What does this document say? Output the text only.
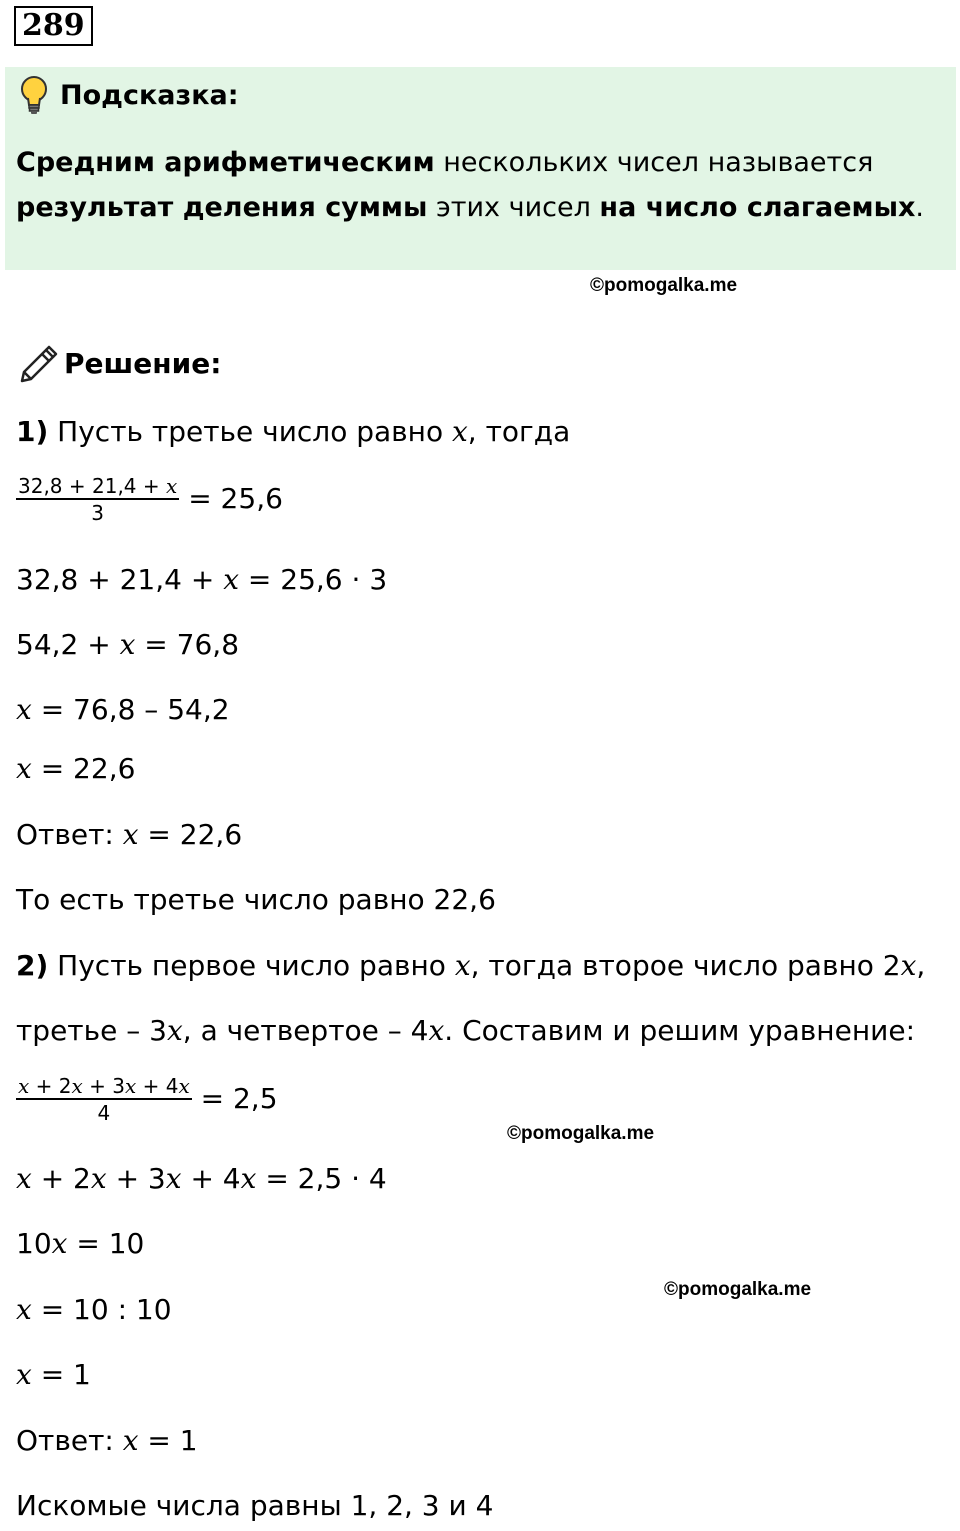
289
Подсказка:
Средним арифметическим нескольких чисел называется
результат деления суммы этих чисел на число слагаемых.
©pomogalka.me
©pomogalka.me
©pomogalka.me
Решение:
1) Пусть третье число равно 𝑥, тогда
$\frac{\text{32,8 + 21,4 + 𝑥}}{3} = 25,6$
32,8 + 21,4 + 𝑥 = 25,6 · 3
54,2 + 𝑥 = 76,8
𝑥 = 76,8 – 54,2
𝑥 = 22,6
Ответ: 𝑥 = 22,6
То есть третье число равно 22,6
2) Пусть первое число равно 𝑥, тогда второе число равно 2𝑥,
третье – 3𝑥, а четвертое – 4𝑥. Составим и решим уравнение:
$\frac{\text{𝑥 + 2𝑥 + 3𝑥 + 4𝑥}}{4} = 2,5$
𝑥 + 2𝑥 + 3𝑥 + 4𝑥 = 2,5 · 4
10𝑥 = 10
𝑥 = 10 : 10
𝑥 = 1
Ответ: 𝑥 = 1
Искомые числа равны 1, 2, 3 и 4
